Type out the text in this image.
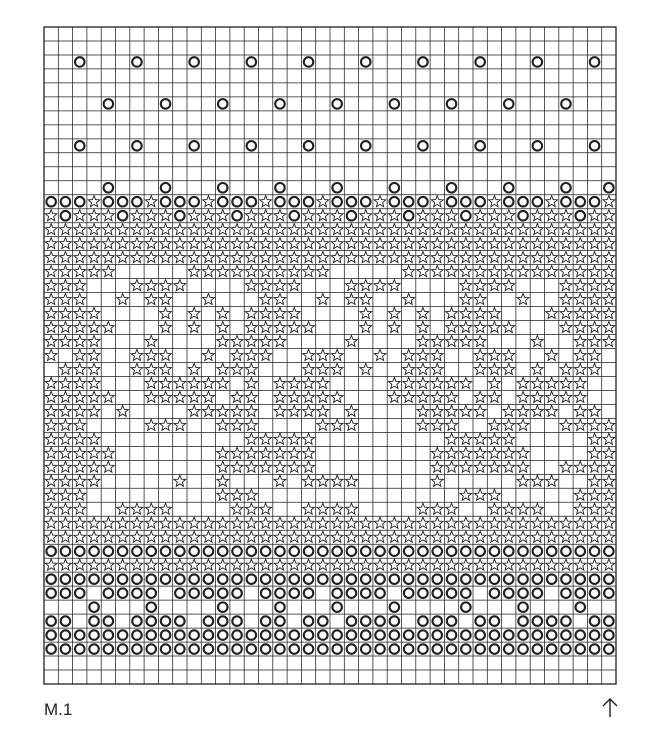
M.1
